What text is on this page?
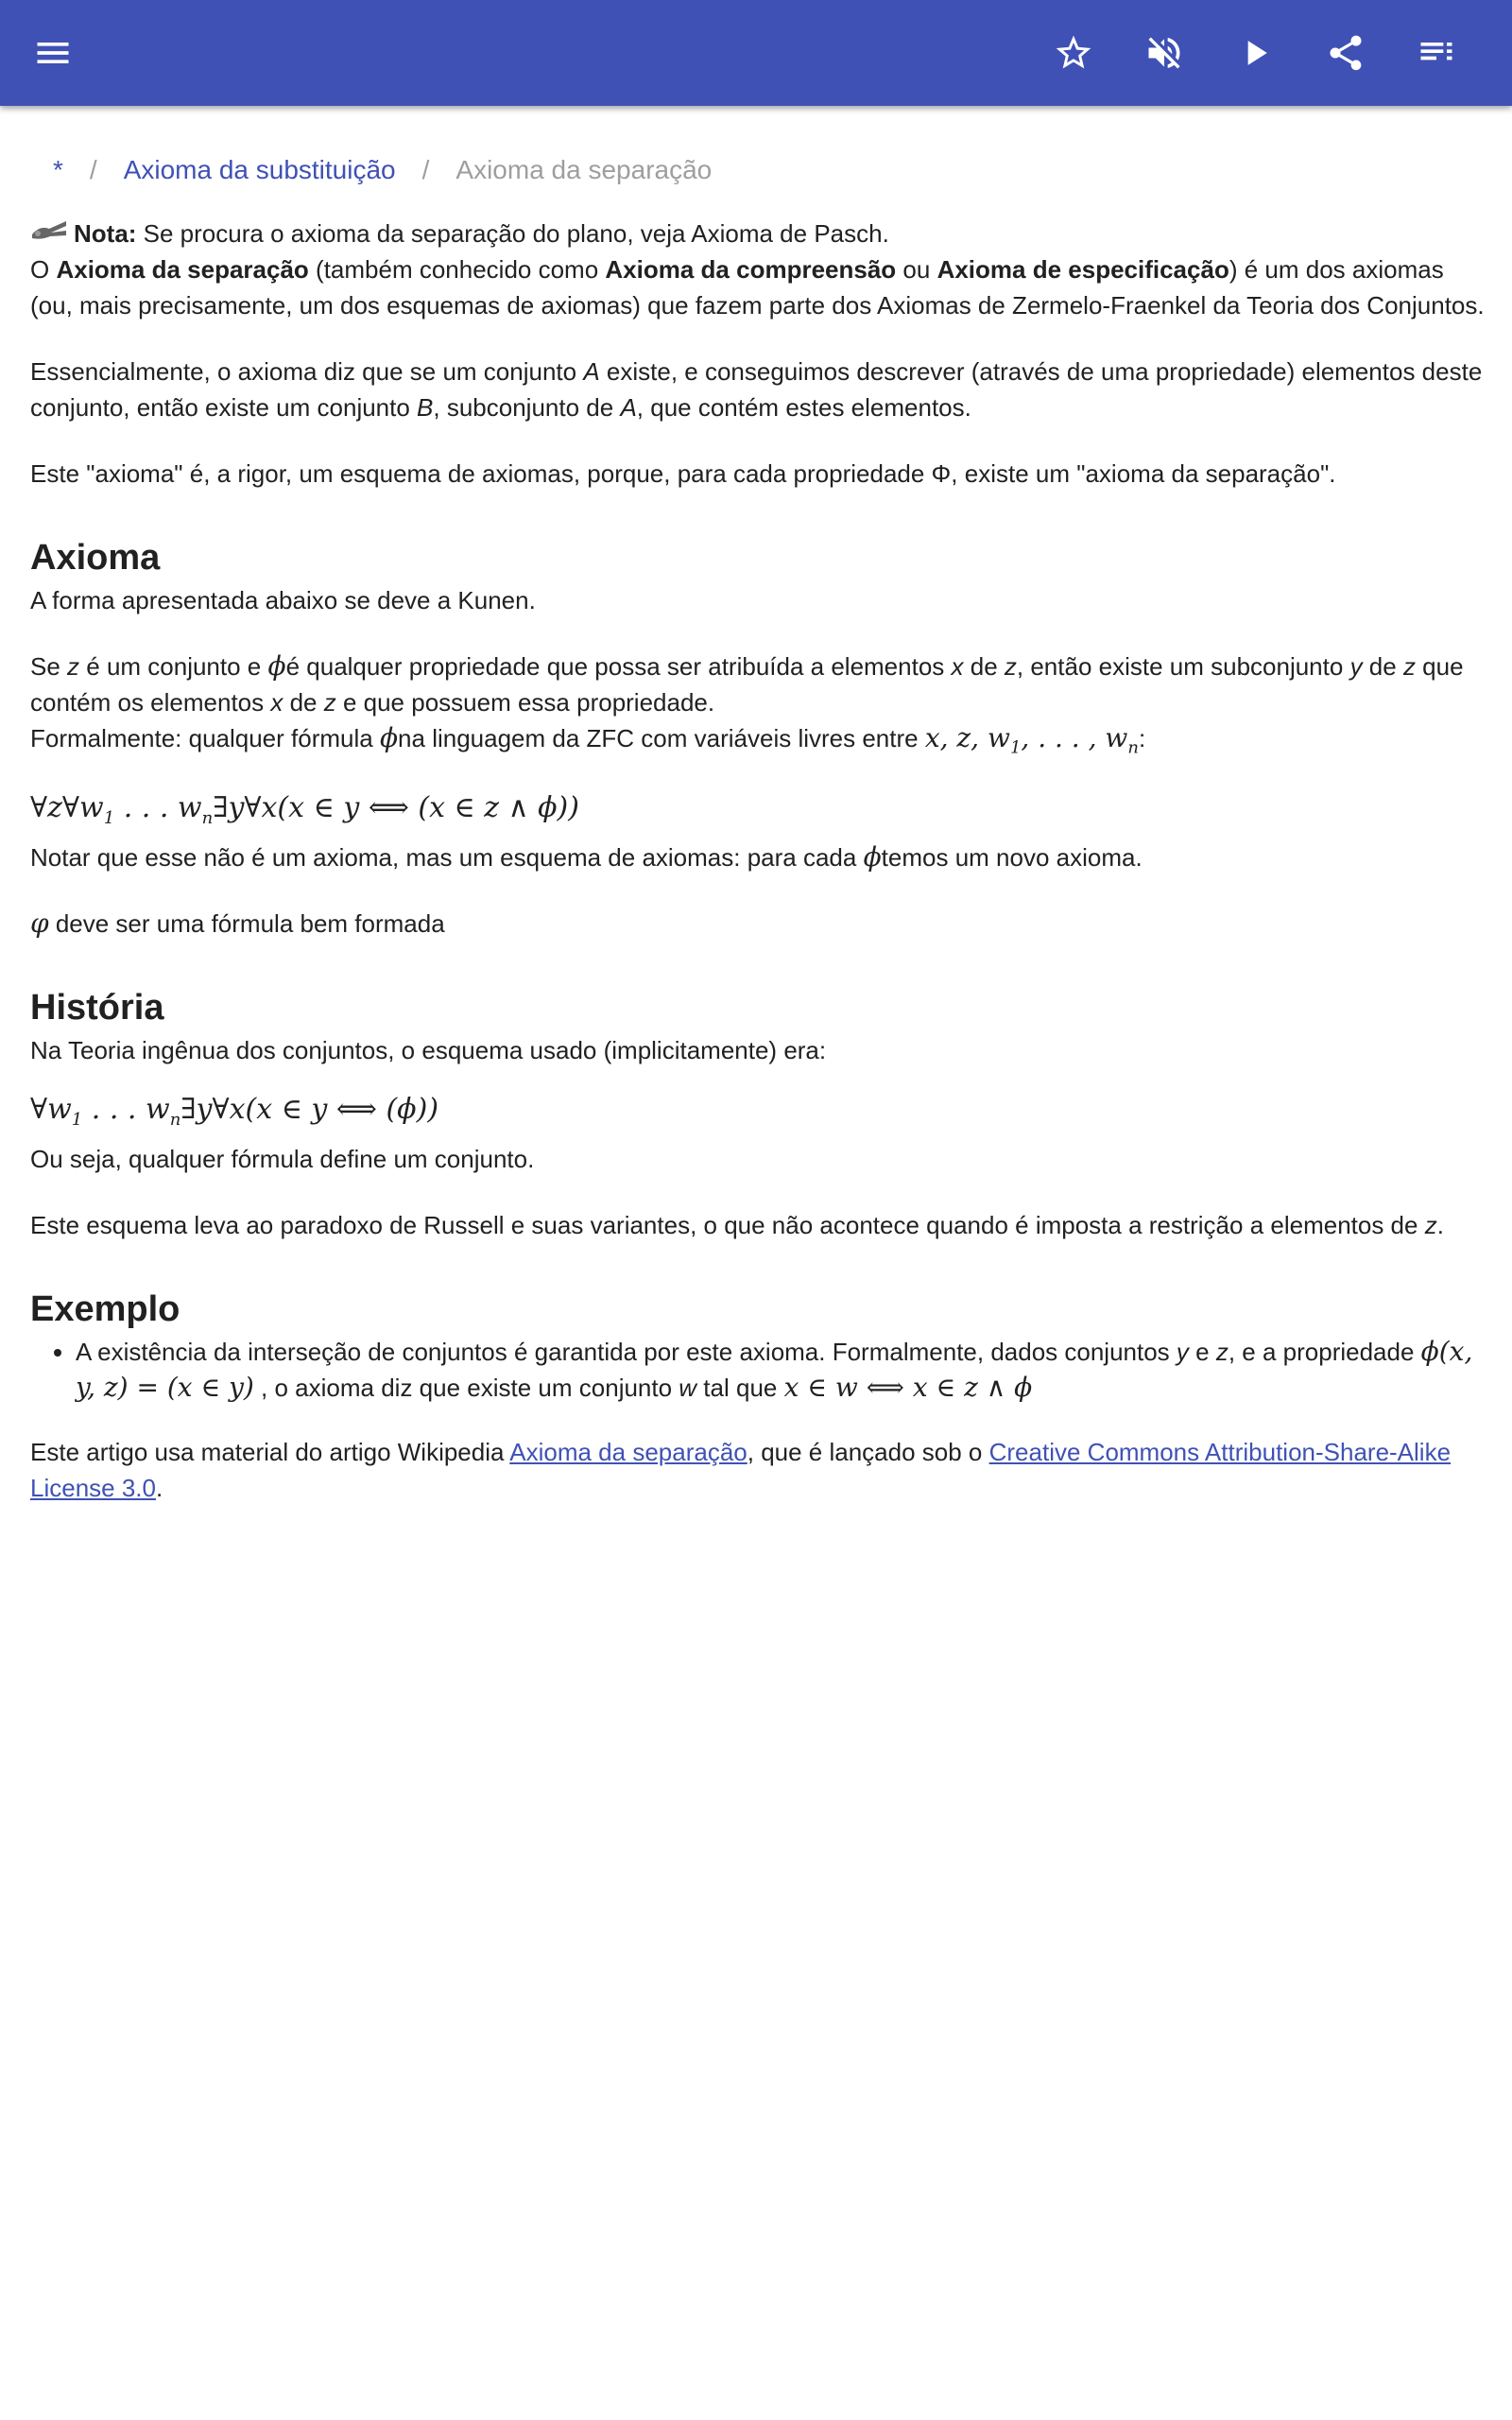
* / Axioma da substituição / Axioma da separação
Nota: Se procura o axioma da separação do plano, veja Axioma de Pasch.

O Axioma da separação (também conhecido como Axioma da compreensão ou Axioma de especificação) é um dos axiomas (ou, mais precisamente, um dos esquemas de axiomas) que fazem parte dos Axiomas de Zermelo-Fraenkel da Teoria dos Conjuntos.

Essencialmente, o axioma diz que se um conjunto A existe, e conseguimos descrever (através de uma propriedade) elementos deste conjunto, então existe um conjunto B, subconjunto de A, que contém estes elementos.

Este "axioma" é, a rigor, um esquema de axiomas, porque, para cada propriedade Φ, existe um "axioma da separação".

Axioma

A forma apresentada abaixo se deve a Kunen.

Se z é um conjunto e ϕé qualquer propriedade que possa ser atribuída a elementos x de z, então existe um subconjunto y de z que contém os elementos x de z e que possuem essa propriedade.

Formalmente: qualquer fórmula ϕna linguagem da ZFC com variáveis livres entre x, z, $w_1$, . . . , $w_n$:

$\forall z\forall w_1$ . . . $w_n\exists y\forall x(x$ ∈ y ⟺ (x ∈ z ∧ ϕ))

Notar que esse não é um axioma, mas um esquema de axiomas: para cada ϕtemos um novo axioma.

φ deve ser uma fórmula bem formada

História

Na Teoria ingênua dos conjuntos, o esquema usado (implicitamente) era:

$\forall w_1$ . . . $w_n\exists y\forall x(x$ ∈ y ⟺ (ϕ))

Ou seja, qualquer fórmula define um conjunto.

Este esquema leva ao paradoxo de Russell e suas variantes, o que não acontece quando é imposta a restrição a elementos de z.

Exemplo
• A existência da interseção de conjuntos é garantida por este axioma. Formalmente, dados conjuntos y e z, e a propriedade ϕ(x, y, z) = (x ∈ y) , o axioma diz que existe um conjunto w tal que x ∈ w ⟺ x ∈ z ∧ ϕ

Este artigo usa material do artigo Wikipedia Axioma da separação, que é lançado sob o Creative Commons Attribution-Share-Alike License 3.0.
